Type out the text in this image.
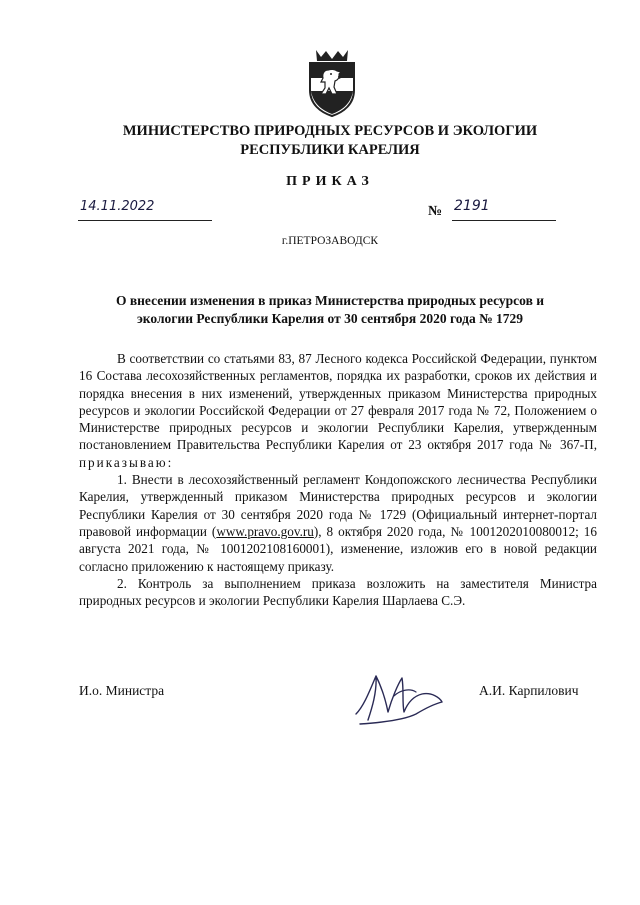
МИНИСТЕРСТВО ПРИРОДНЫХ РЕСУРСОВ И ЭКОЛОГИИ
РЕСПУБЛИКИ КАРЕЛИЯ
ПРИКАЗ
14.11.2022	№ 2191
г.ПЕТРОЗАВОДСК
О внесении изменения в приказ Министерства природных ресурсов и
экологии Республики Карелия от 30 сентября 2020 года № 1729

В соответствии со статьями 83, 87 Лесного кодекса Российской Федерации, пунктом 16 Состава лесохозяйственных регламентов, порядка их разработки, сроков их действия и порядка внесения в них изменений, утвержденных приказом Министерства природных ресурсов и экологии Российской Федерации от 27 февраля 2017 года № 72, Положением о Министерстве природных ресурсов и экологии Республики Карелия, утвержденным постановлением Правительства Республики Карелия от 23 октября 2017 года № 367-П, приказываю:

1. Внести в лесохозяйственный регламент Кондопожского лесничества Республики Карелия, утвержденный приказом Министерства природных ресурсов и экологии Республики Карелия от 30 сентября 2020 года № 1729 (Официальный интернет-портал правовой информации (www.pravo.gov.ru), 8 октября 2020 года, № 1001202010080012; 16 августа 2021 года, № 1001202108160001), изменение, изложив его в новой редакции согласно приложению к настоящему приказу.

2. Контроль за выполнением приказа возложить на заместителя Министра природных ресурсов и экологии Республики Карелия Шарлаева С.Э.

И.о. Министра	А.И. Карпилович
